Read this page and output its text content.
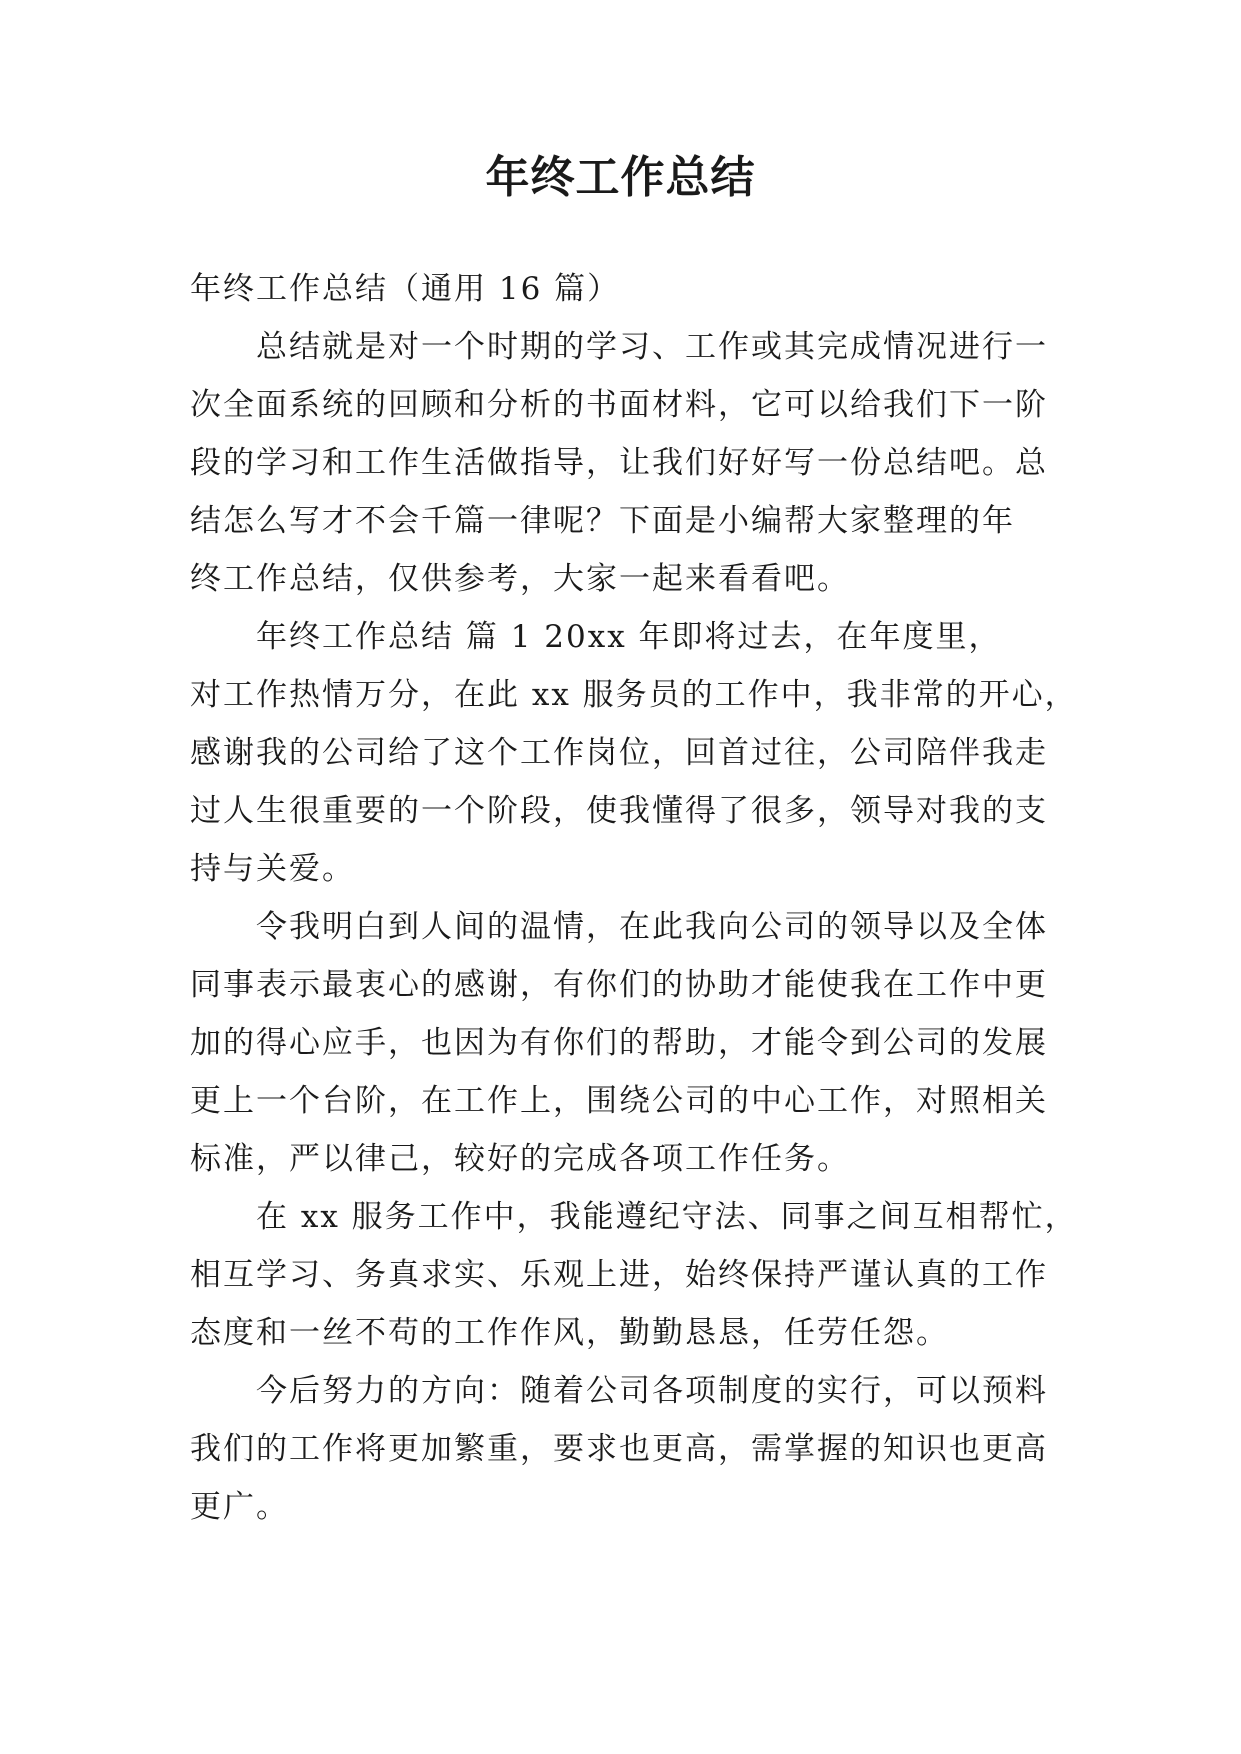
年终工作总结
年终工作总结（通用 16 篇）
总结就是对一个时期的学习、工作或其完成情况进行一
次全面系统的回顾和分析的书面材料，它可以给我们下一阶
段的学习和工作生活做指导，让我们好好写一份总结吧。总
结怎么写才不会千篇一律呢？下面是小编帮大家整理的年
终工作总结，仅供参考，大家一起来看看吧。
年终工作总结 篇 1 20xx 年即将过去，在年度里，
对工作热情万分，在此 xx 服务员的工作中，我非常的开心，
感谢我的公司给了这个工作岗位，回首过往，公司陪伴我走
过人生很重要的一个阶段，使我懂得了很多，领导对我的支
持与关爱。
令我明白到人间的温情，在此我向公司的领导以及全体
同事表示最衷心的感谢，有你们的协助才能使我在工作中更
加的得心应手，也因为有你们的帮助，才能令到公司的发展
更上一个台阶，在工作上，围绕公司的中心工作，对照相关
标准，严以律己，较好的完成各项工作任务。
在 xx 服务工作中，我能遵纪守法、同事之间互相帮忙，
相互学习、务真求实、乐观上进，始终保持严谨认真的工作
态度和一丝不苟的工作作风，勤勤恳恳，任劳任怨。
今后努力的方向：随着公司各项制度的实行，可以预料
我们的工作将更加繁重，要求也更高，需掌握的知识也更高
更广。
